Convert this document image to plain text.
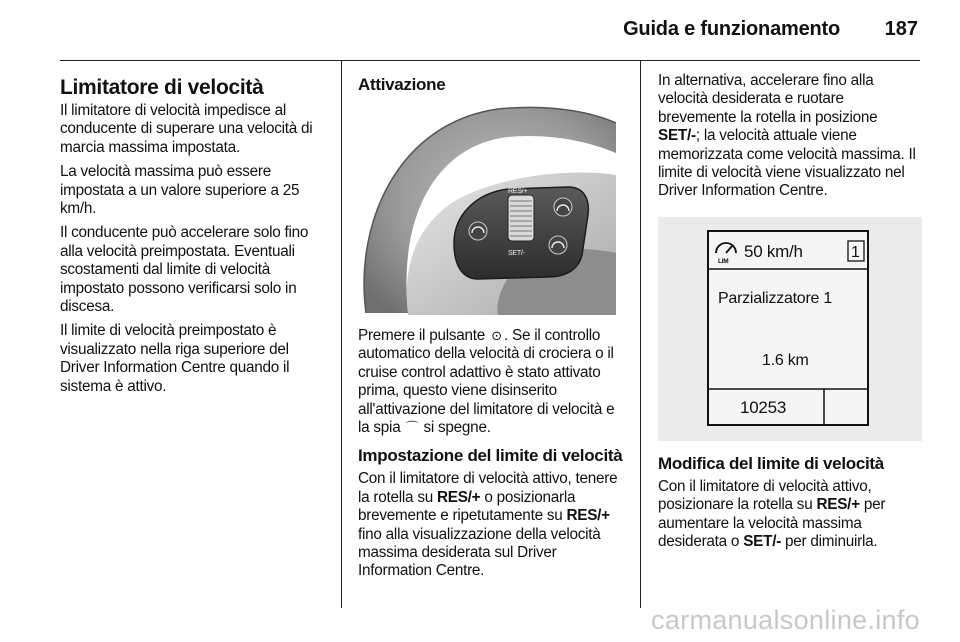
Guida e funzionamento 187
Limitatore di velocità

Il limitatore di velocità impedisce al conducente di superare una velocità di marcia massima impostata.

La velocità massima può essere impostata a un valore superiore a 25 km/h.

Il conducente può accelerare solo fino alla velocità preimpostata. Eventuali scostamenti dal limite di velocità impostato possono verificarsi solo in discesa.

Il limite di velocità preimpostato è visualizzato nella riga superiore del Driver Information Centre quando il sistema è attivo.

Attivazione
RES/+
SET/-

Premere il pulsante ⊙ . Se il controllo automatico della velocità di crociera o il cruise control adattivo è stato attivato prima, questo viene disinserito all'attivazione del limitatore di velocità e la spia ⌒ si spegne.

Impostazione del limite di velocità

Con il limitatore di velocità attivo, tenere la rotella su RES/+ o posizionarla brevemente e ripetutamente su RES/+ fino alla visualizzazione della velocità massima desiderata sul Driver Information Centre.

In alternativa, accelerare fino alla velocità desiderata e ruotare brevemente la rotella in posizione SET/-; la velocità attuale viene memorizzata come velocità massima. Il limite di velocità viene visualizzato nel Driver Information Centre.

LIM
50 km/h	1
Parzializzatore 1
1.6 km
10253
Modifica del limite di velocità

Con il limitatore di velocità attivo, posizionare la rotella su RES/+ per aumentare la velocità massima desiderata o SET/- per diminuirla.

carmanualsonline.info
